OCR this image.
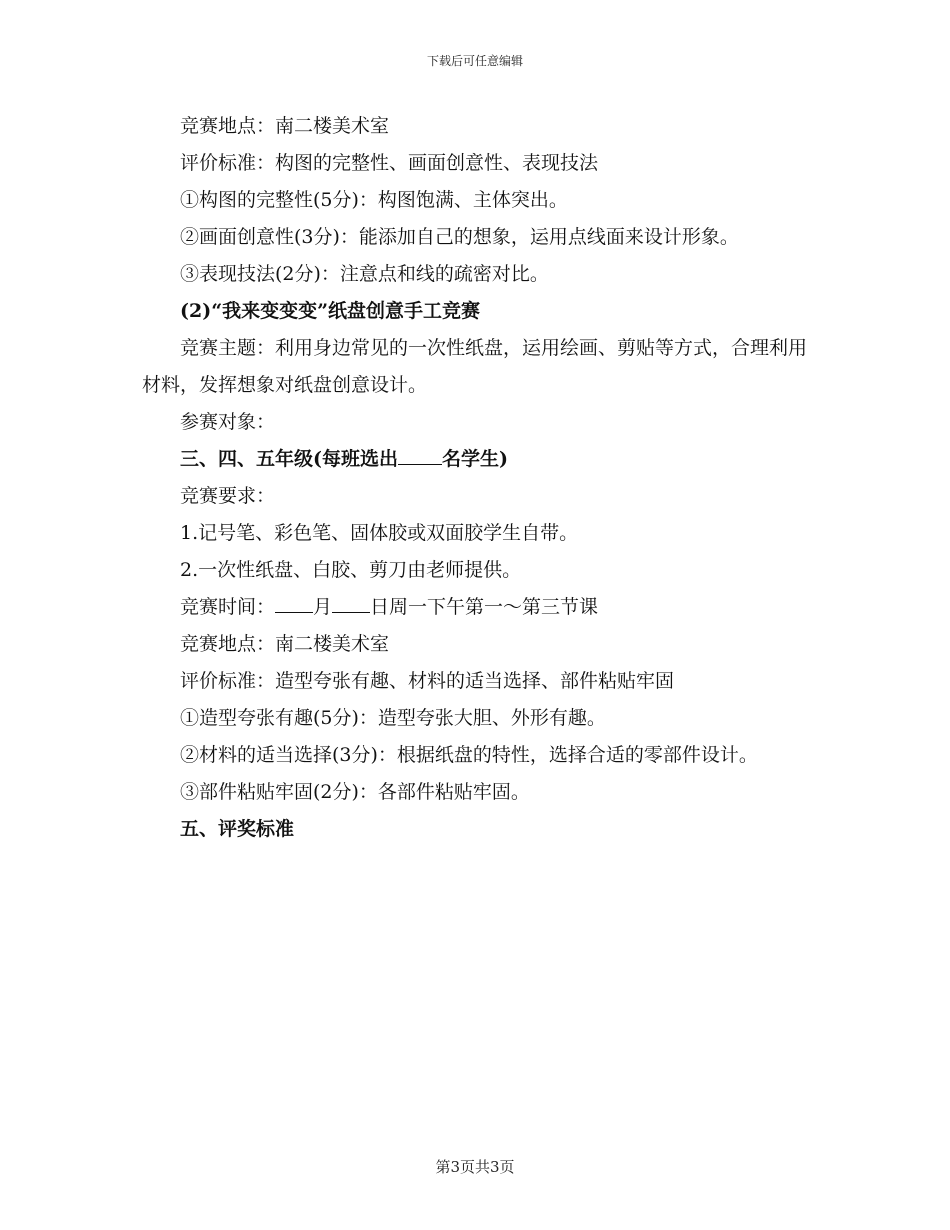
下载后可任意编辑

竞赛地点：南二楼美术室

评价标准：构图的完整性、画面创意性、表现技法

①构图的完整性(5分)：构图饱满、主体突出。

②画面创意性(3分)：能添加自己的想象，运用点线面来设计形象。

③表现技法(2分)：注意点和线的疏密对比。

(2)“我来变变变”纸盘创意手工竞赛

竞赛主题：利用身边常见的一次性纸盘，运用绘画、剪贴等方式，合理利用材料，发挥想象对纸盘创意设计。

参赛对象：

三、四、五年级(每班选出 名学生)

竞赛要求：

1.记号笔、彩色笔、固体胶或双面胶学生自带。

2.一次性纸盘、白胶、剪刀由老师提供。

竞赛时间： 月 日周一下午第一～第三节课

竞赛地点：南二楼美术室

评价标准：造型夸张有趣、材料的适当选择、部件粘贴牢固

①造型夸张有趣(5分)：造型夸张大胆、外形有趣。

②材料的适当选择(3分)：根据纸盘的特性，选择合适的零部件设计。

③部件粘贴牢固(2分)：各部件粘贴牢固。

五、评奖标准

第3页共3页
